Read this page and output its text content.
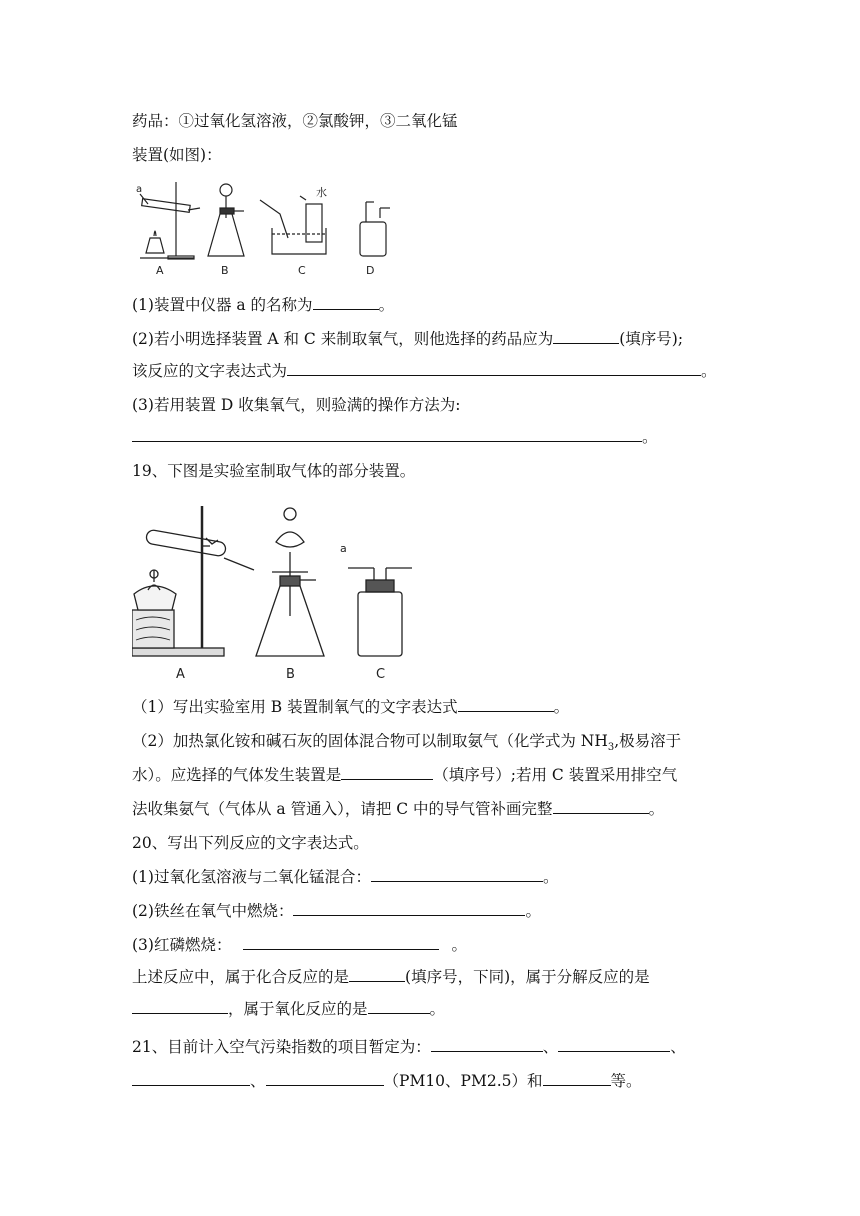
药品：①过氧化氢溶液，②氯酸钾，③二氧化锰
装置(如图)：
a	水
A	B	C	D
(1)装置中仪器 a 的名称为	。
(2)若小明选择装置 A 和 C 来制取氧气，则他选择的药品应为	(填序号);
该反应的文字表达式为	。
(3)若用装置 D 收集氧气，则验满的操作方法为:
。
19、下图是实验室制取气体的部分装置。
a
A	B	C
（1）写出实验室用 B 装置制氧气的文字表达式	。
（2）加热氯化铵和碱石灰的固体混合物可以制取氨气（化学式为 $NH_3$,极易溶于
水）。应选择的气体发生装置是	（填序号）;若用 C 装置采用排空气
法收集氨气（气体从 a 管通入），请把 C 中的导气管补画完整	。
20、写出下列反应的文字表达式。
(1)过氧化氢溶液与二氧化锰混合：	。
(2)铁丝在氧气中燃烧：	。
(3)红磷燃烧：	。
上述反应中，属于化合反应的是	(填序号，下同)，属于分解反应的是
，属于氧化反应的是	。
21、目前计入空气污染指数的项目暂定为：	、	、
、	（PM10、PM2.5）和	等。
